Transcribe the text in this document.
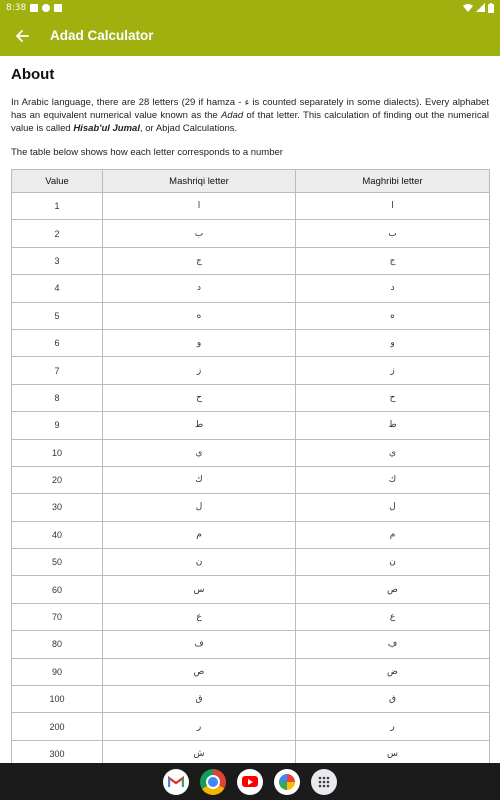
8:38
Adad Calculator
About
In Arabic language, there are 28 letters (29 if hamza - ء is counted separately in some dialects). Every alphabet has an equivalent numerical value known as the Adad of that letter. This calculation of finding out the numerical value is called Hisab'ul Jumal, or Abjad Calculations.
The table below shows how each letter corresponds to a number
Value	Mashriqi letter	Maghribi letter
1	ا	ا
2	ب	ب
3	ج	ج
4	د	د
5	ه	ه
6	و	و
7	ز	ز
8	ح	ح
9	ط	ط
10	ي	ي
20	ك	ك
30	ل	ل
40	م	م
50	ن	ن
60	س	ص
70	ع	ع
80	ف	ڢ
90	ص	ض
100	ق	ڧ
200	ر	ر
300	ش	س
